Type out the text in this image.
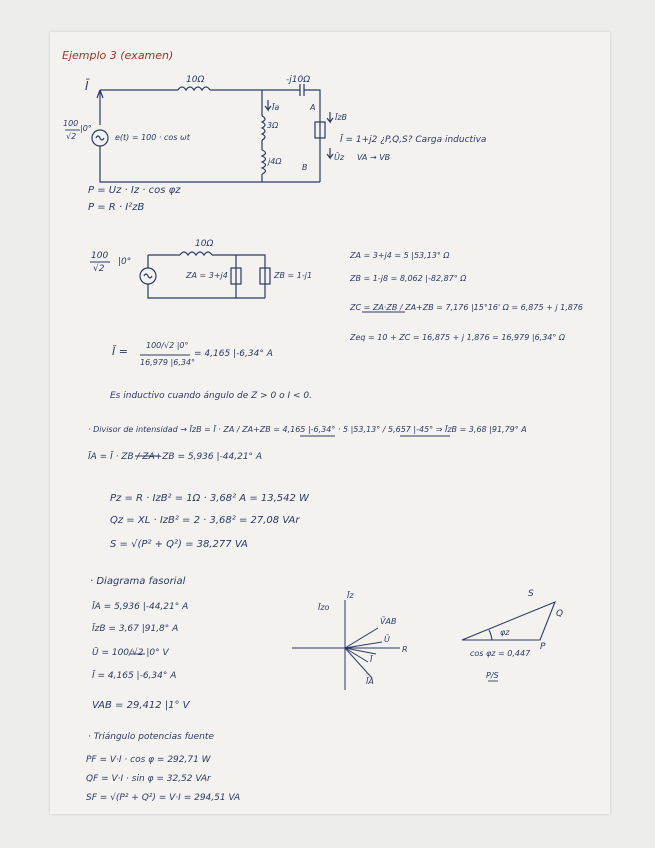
Ejemplo 3 (examen)
Ī	10Ω	-j10Ω
A
B
Īa
ĪzB
3Ω
j4Ω
100
√2
|0°
e(t) = 100 · cos ωt	Ī = 1+j2 ¿P,Q,S? Carga inductiva
Ūz VA → VB
P = Uz · Iz · cos φz
P = R · I²zB
10Ω
100
√2
|0°
ZA = 3+j4	ZB = 1-j1
ZA = 3+j4 = 5 |53,13° Ω
ZB = 1-j8 = 8,062 |-82,87° Ω
ZC = ZA·ZB / ZA+ZB = 7,176 |15°16' Ω = 6,875 + j 1,876
Zeq = 10 + ZC = 16,875 + j 1,876 = 16,979 |6,34° Ω
Ī = 100/√2 |0°
16,979 |6,34°
= 4,165 |-6,34° A
Es inductivo cuando ángulo de Z > 0 o I < 0.
· Divisor de intensidad → ĪzB = Ī · ZA / ZA+ZB = 4,165 |-6,34° · 5 |53,13° / 5,657 |-45° ⇒ ĪzB = 3,68 |91,79° A
ĪA = Ī · ZB / ZA+ZB = 5,936 |-44,21° A
Pz = R · IzB² = 1Ω · 3,68² A = 13,542 W
Qz = XL · IzB² = 2 · 3,68² = 27,08 VAr
S = √(P² + Q²) = 38,277 VA
· Diagrama fasorial
ĪA = 5,936 |-44,21° A
ĪzB = 3,67 |91,8° A
Ū = 100/√2 |0° V
Ī = 4,165 |-6,34° A
VAB = 29,412 |1° V
Īz
Īzo
V̄AB
Ū
Ī
R
ĪA
S
Q
P
φz
cos φz = 0,447
P/S
· Triángulo potencias fuente
PF = V·I · cos φ = 292,71 W
QF = V·I · sin φ = 32,52 VAr
SF = √(P² + Q²) = V·I = 294,51 VA
